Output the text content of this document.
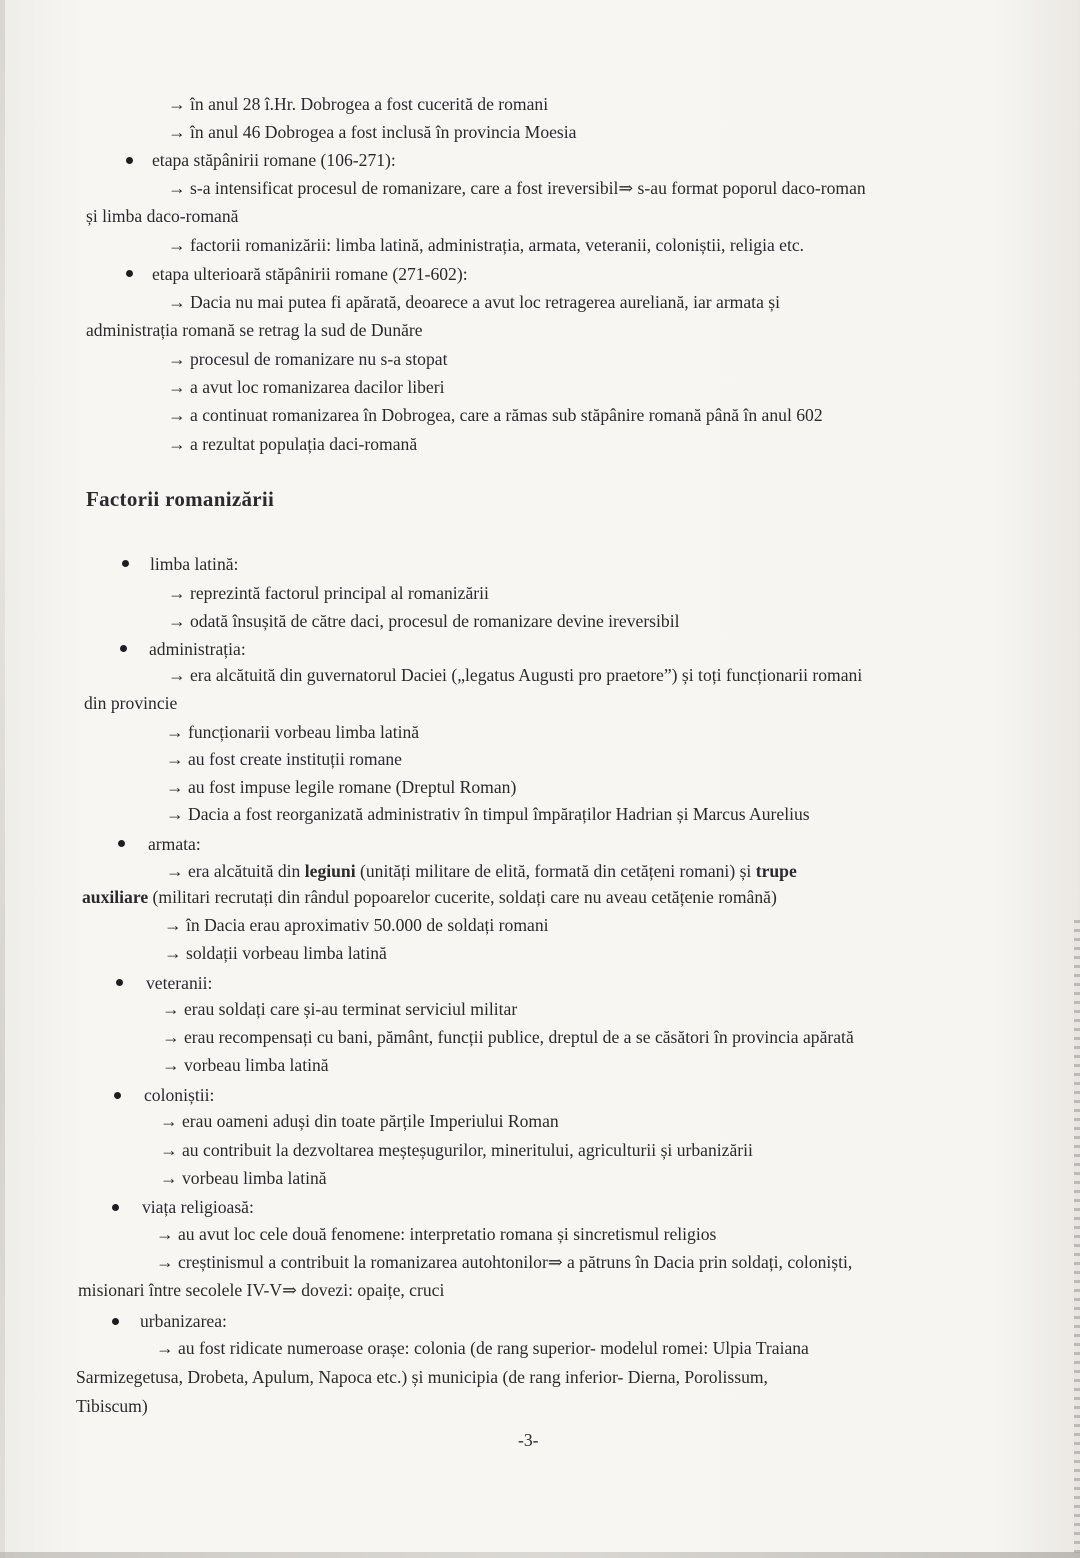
→ în anul 28 î.Hr. Dobrogea a fost cucerită de romani
→ în anul 46 Dobrogea a fost inclusă în provincia Moesia
etapa stăpânirii romane (106-271):
→ s-a intensificat procesul de romanizare, care a fost ireversibil⇒ s-au format poporul daco-roman
și limba daco-romană
→ factorii romanizării: limba latină, administrația, armata, veteranii, coloniștii, religia etc.
etapa ulterioară stăpânirii romane (271-602):
→ Dacia nu mai putea fi apărată, deoarece a avut loc retragerea aureliană, iar armata și
administrația romană se retrag la sud de Dunăre
→ procesul de romanizare nu s-a stopat
→ a avut loc romanizarea dacilor liberi
→ a continuat romanizarea în Dobrogea, care a rămas sub stăpânire romană până în anul 602
→ a rezultat populația daci-romană
Factorii romanizării
limba latină:
→ reprezintă factorul principal al romanizării
→ odată însușită de către daci, procesul de romanizare devine ireversibil
administrația:
→ era alcătuită din guvernatorul Daciei („legatus Augusti pro praetore”) și toți funcționarii romani
din provincie
→ funcționarii vorbeau limba latină
→ au fost create instituții romane
→ au fost impuse legile romane (Dreptul Roman)
→ Dacia a fost reorganizată administrativ în timpul împăraților Hadrian și Marcus Aurelius
armata:
→ era alcătuită din legiuni (unități militare de elită, formată din cetățeni romani) și trupe
auxiliare (militari recrutați din rândul popoarelor cucerite, soldați care nu aveau cetățenie română)
→ în Dacia erau aproximativ 50.000 de soldați romani
→ soldații vorbeau limba latină
veteranii:
→ erau soldați care și-au terminat serviciul militar
→ erau recompensați cu bani, pământ, funcții publice, dreptul de a se căsători în provincia apărată
→ vorbeau limba latină
coloniștii:
→ erau oameni aduși din toate părțile Imperiului Roman
→ au contribuit la dezvoltarea meșteșugurilor, mineritului, agriculturii și urbanizării
→ vorbeau limba latină
viața religioasă:
→ au avut loc cele două fenomene: interpretatio romana și sincretismul religios
→ creștinismul a contribuit la romanizarea autohtonilor⇒ a pătruns în Dacia prin soldați, coloniști,
misionari între secolele IV-V⇒ dovezi: opaițe, cruci
urbanizarea:
→ au fost ridicate numeroase orașe: colonia (de rang superior- modelul romei: Ulpia Traiana
Sarmizegetusa, Drobeta, Apulum, Napoca etc.) și municipia (de rang inferior- Dierna, Porolissum,
Tibiscum)
-3-
